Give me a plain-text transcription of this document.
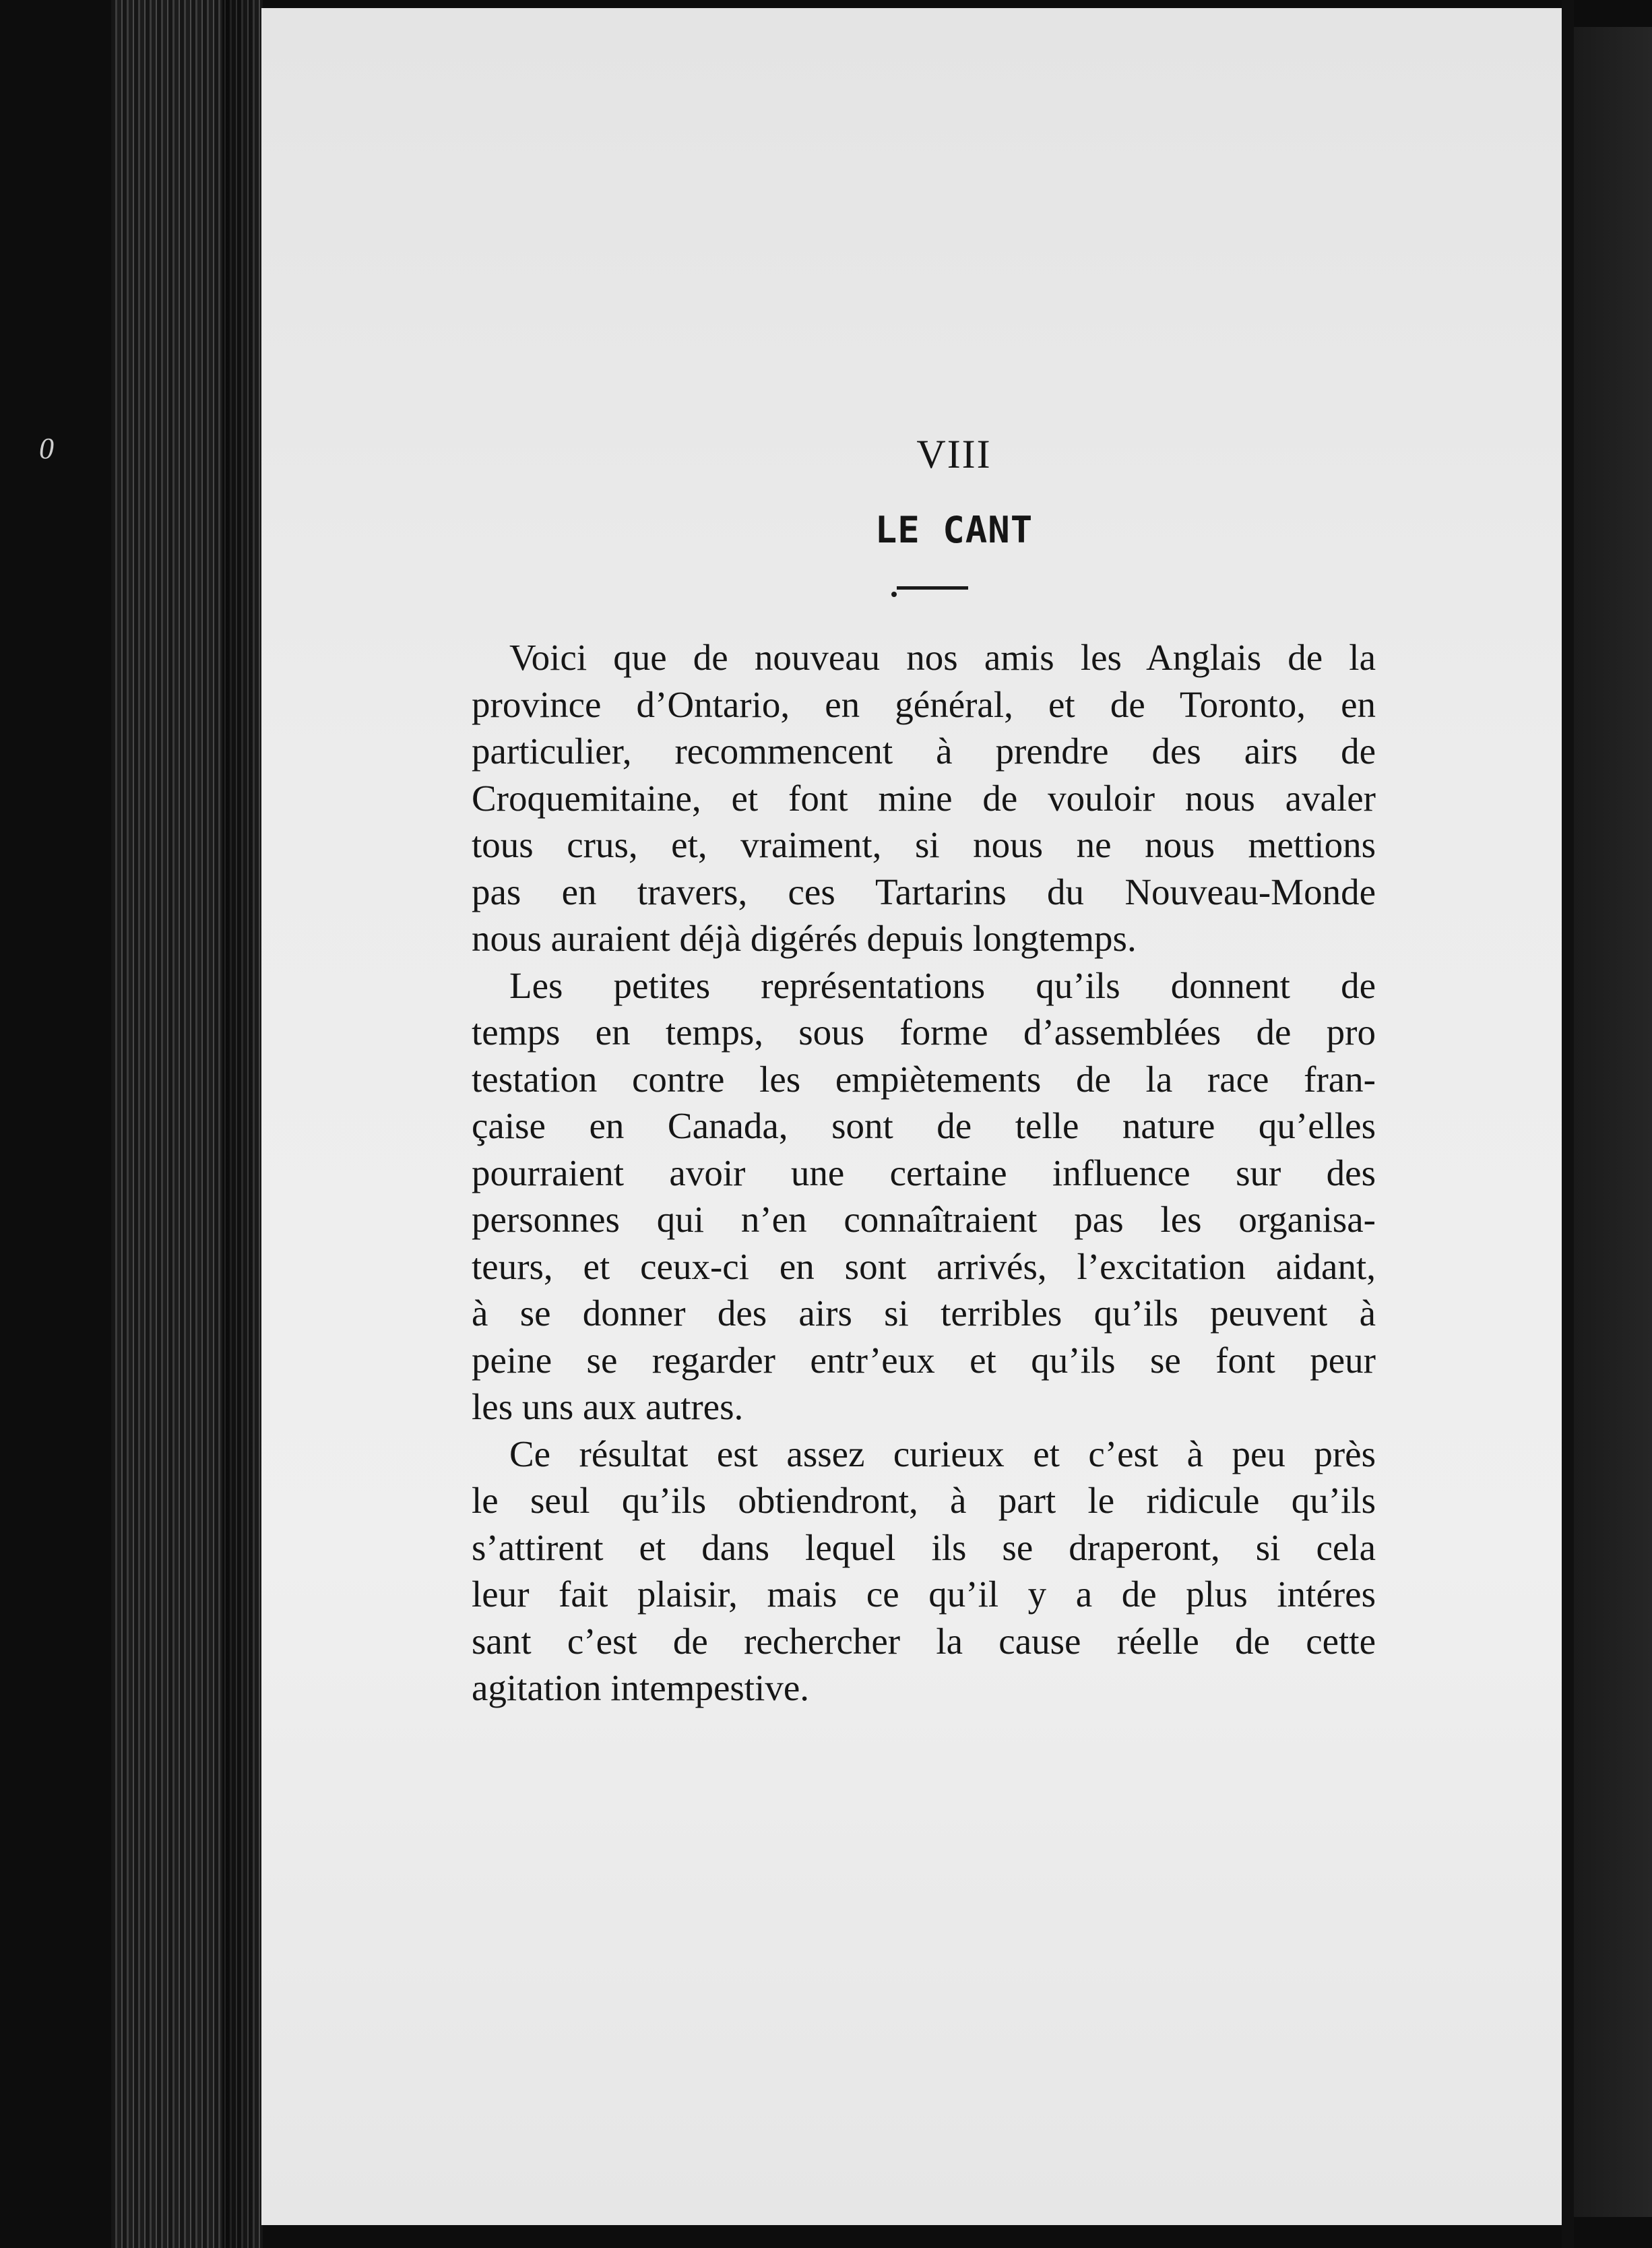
0	VIII
LE CANT

Voici que de nouveau nos amis les Anglais de la
province d’Ontario, en général, et de Toronto, en
particulier, recommencent à prendre des airs de
Croquemitaine, et font mine de vouloir nous avaler
tous crus, et, vraiment, si nous ne nous mettions
pas en travers, ces Tartarins du Nouveau-Monde
nous auraient déjà digérés depuis longtemps.

Les petites représentations qu’ils donnent de
temps en temps, sous forme d’assemblées de pro
testation contre les empiètements de la race fran-
çaise en Canada, sont de telle nature qu’elles
pourraient avoir une certaine influence sur des
personnes qui n’en connaîtraient pas les organisa-
teurs, et ceux-ci en sont arrivés, l’excitation aidant,
à se donner des airs si terribles qu’ils peuvent à
peine se regarder entr’eux et qu’ils se font peur
les uns aux autres.

Ce résultat est assez curieux et c’est à peu près
le seul qu’ils obtiendront, à part le ridicule qu’ils
s’attirent et dans lequel ils se draperont, si cela
leur fait plaisir, mais ce qu’il y a de plus intéres
sant c’est de rechercher la cause réelle de cette
agitation intempestive.
